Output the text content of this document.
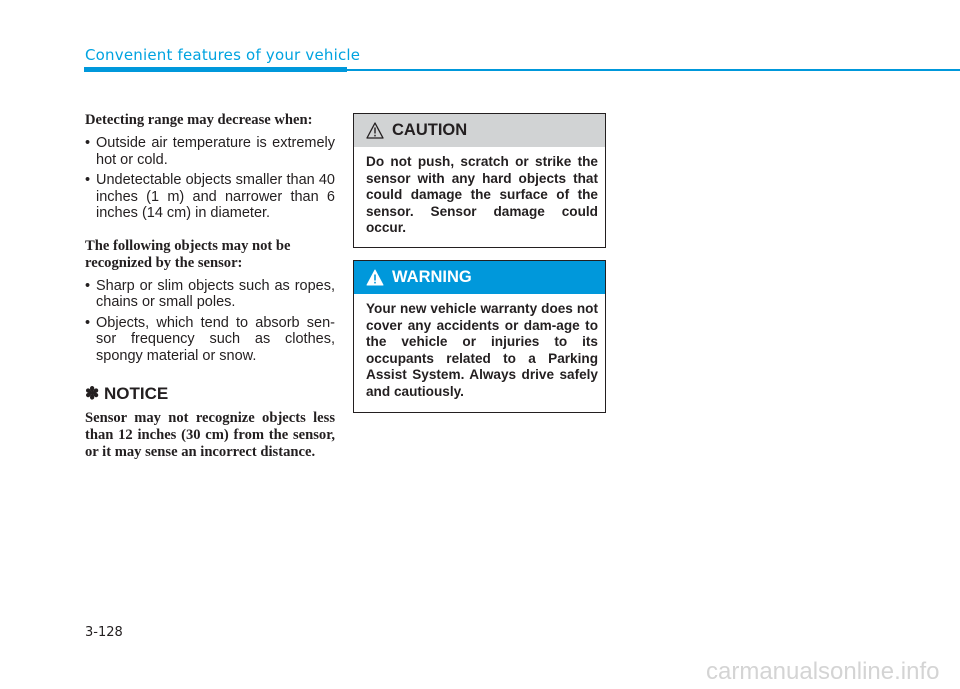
Convenient features of your vehicle

Detecting range may decrease when:

• Outside air temperature is extremely hot or cold.
• Undetectable objects smaller than 40 inches (1 m) and narrower than 6 inches (14 cm) in diameter.

The following objects may not be recognized by the sensor:

• Sharp or slim objects such as ropes, chains or small poles.
• Objects, which tend to absorb sen-sor frequency such as clothes, spongy material or snow.
✽ NOTICE

Sensor may not recognize objects less than 12 inches (30 cm) from the sensor, or it may sense an incorrect distance.

CAUTION
Do not push, scratch or strike the sensor with any hard objects that could damage the surface of the sensor. Sensor damage could occur.
WARNING
Your new vehicle warranty does not cover any accidents or dam-age to the vehicle or injuries to its occupants related to a Parking Assist System. Always drive safely and cautiously.
3-128
carmanualsonline.info
